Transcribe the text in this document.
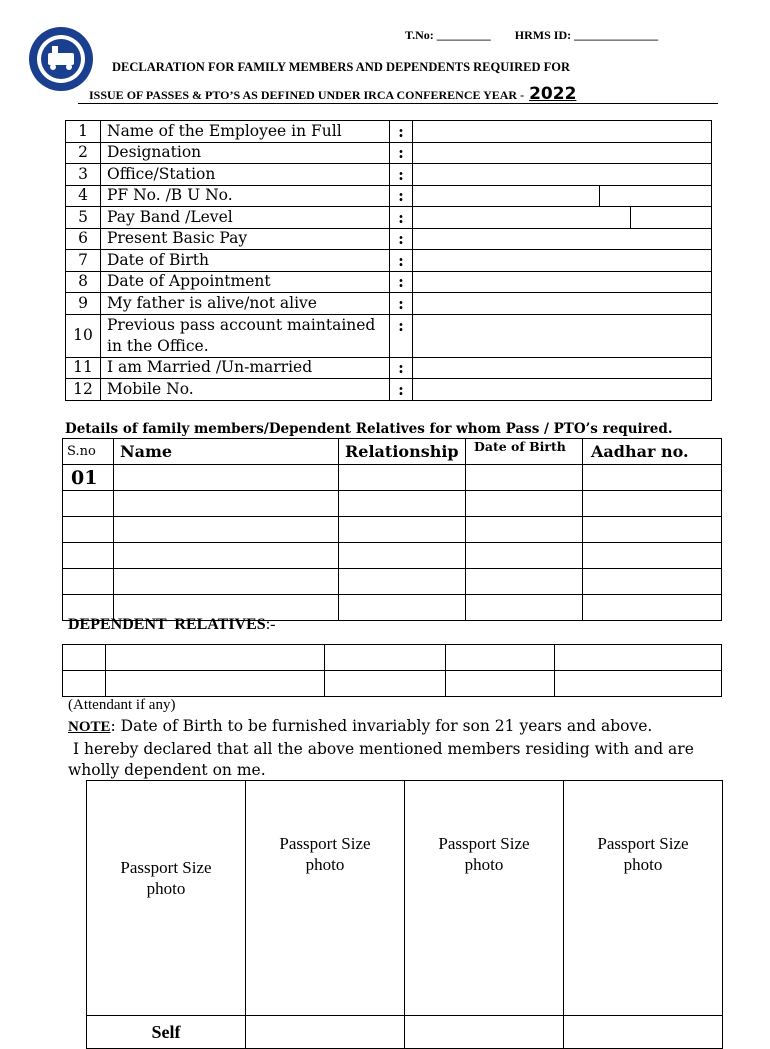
T.No: _________ HRMS ID: ______________
DECLARATION FOR FAMILY MEMBERS AND DEPENDENTS REQUIRED FOR
ISSUE OF PASSES & PTO’S AS DEFINED UNDER IRCA CONFERENCE YEAR - 2022
1	Name of the Employee in Full	:	
2	Designation	:	
3	Office/Station	:	
4	PF No. /B U No.	:	

5	Pay Band /Level	:	

6	Present Basic Pay	:	
7	Date of Birth	:	
8	Date of Appointment	:	
9	My father is alive/not alive	:	
10	Previous pass account maintained in the Office.	:	
11	I am Married /Un-married	:	
12	Mobile No.	:	
Details of family members/Dependent Relatives for whom Pass / PTO’s required.
S.no	Name	Relationship	Date of Birth	Aadhar no.
01				

DEPENDENT  RELATIVES:-

(Attendant if any)
NOTE: Date of Birth to be furnished invariably for son 21 years and above.
I hereby declared that all the above mentioned members residing with and are wholly dependent on me.
Passport Size photo	Passport Size photo	Passport Size photo	Passport Size photo
Self			
